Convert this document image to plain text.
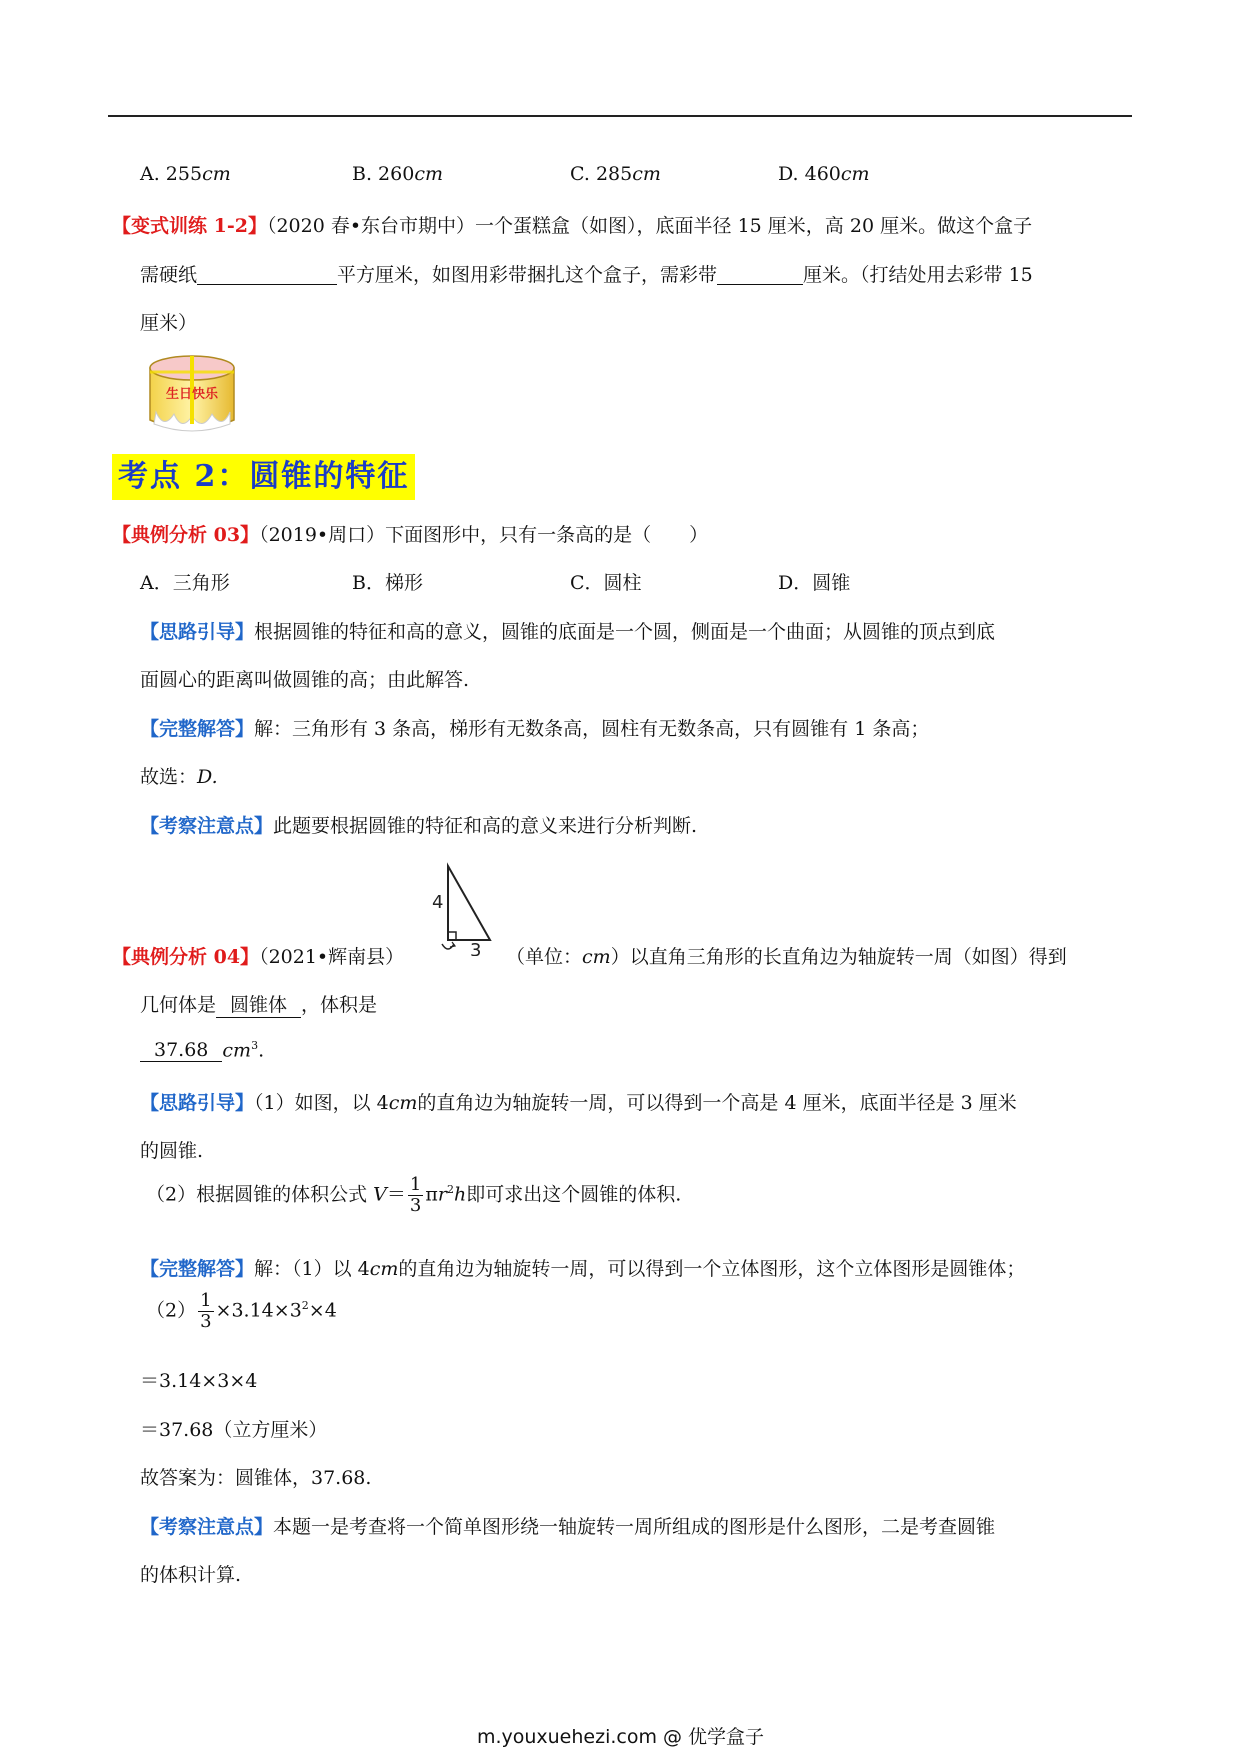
A. 255cm	B. 260cm	C. 285cm	D. 460cm
【变式训练 1-2】（2020 春•东台市期中）一个蛋糕盒（如图），底面半径 15 厘米，高 20 厘米。做这个盒子
需硬纸	平方厘米，如图用彩带捆扎这个盒子，需彩带	厘米。（打结处用去彩带 15
厘米）
生日快乐
考点 2：圆锥的特征
【典例分析 03】（2019•周口）下面图形中，只有一条高的是（　　）
A．三角形	B．梯形	C．圆柱	D．圆锥
【思路引导】根据圆锥的特征和高的意义，圆锥的底面是一个圆，侧面是一个曲面；从圆锥的顶点到底
面圆心的距离叫做圆锥的高；由此解答.
【完整解答】解：三角形有 3 条高，梯形有无数条高，圆柱有无数条高，只有圆锥有 1 条高；
故选：D.
【考察注意点】此题要根据圆锥的特征和高的意义来进行分析判断.
4
3
【典例分析 04】（2021•辉南县）	（单位：cm）以直角三角形的长直角边为轴旋转一周（如图）得到
几何体是 圆锥体 ，体积是
37.68 $cm^3$.
【思路引导】（1）如图，以 4cm的直角边为轴旋转一周，可以得到一个高是 4 厘米，底面半径是 3 厘米
的圆锥.
（2）根据圆锥的体积公式 $V= \frac{1}{3} \pi r^2h$即可求出这个圆锥的体积.
【完整解答】解：（1）以 4cm的直角边为轴旋转一周，可以得到一个立体图形，这个立体图形是圆锥体；
$(2) \frac{1}{3} \times 3.14\times 3^2\times 4$
＝3.14×3×4
＝37.68（立方厘米）
故答案为：圆锥体，37.68.
【考察注意点】本题一是考查将一个简单图形绕一轴旋转一周所组成的图形是什么图形，二是考查圆锥
的体积计算.
m.youxuehezi.com @ 优学盒子
